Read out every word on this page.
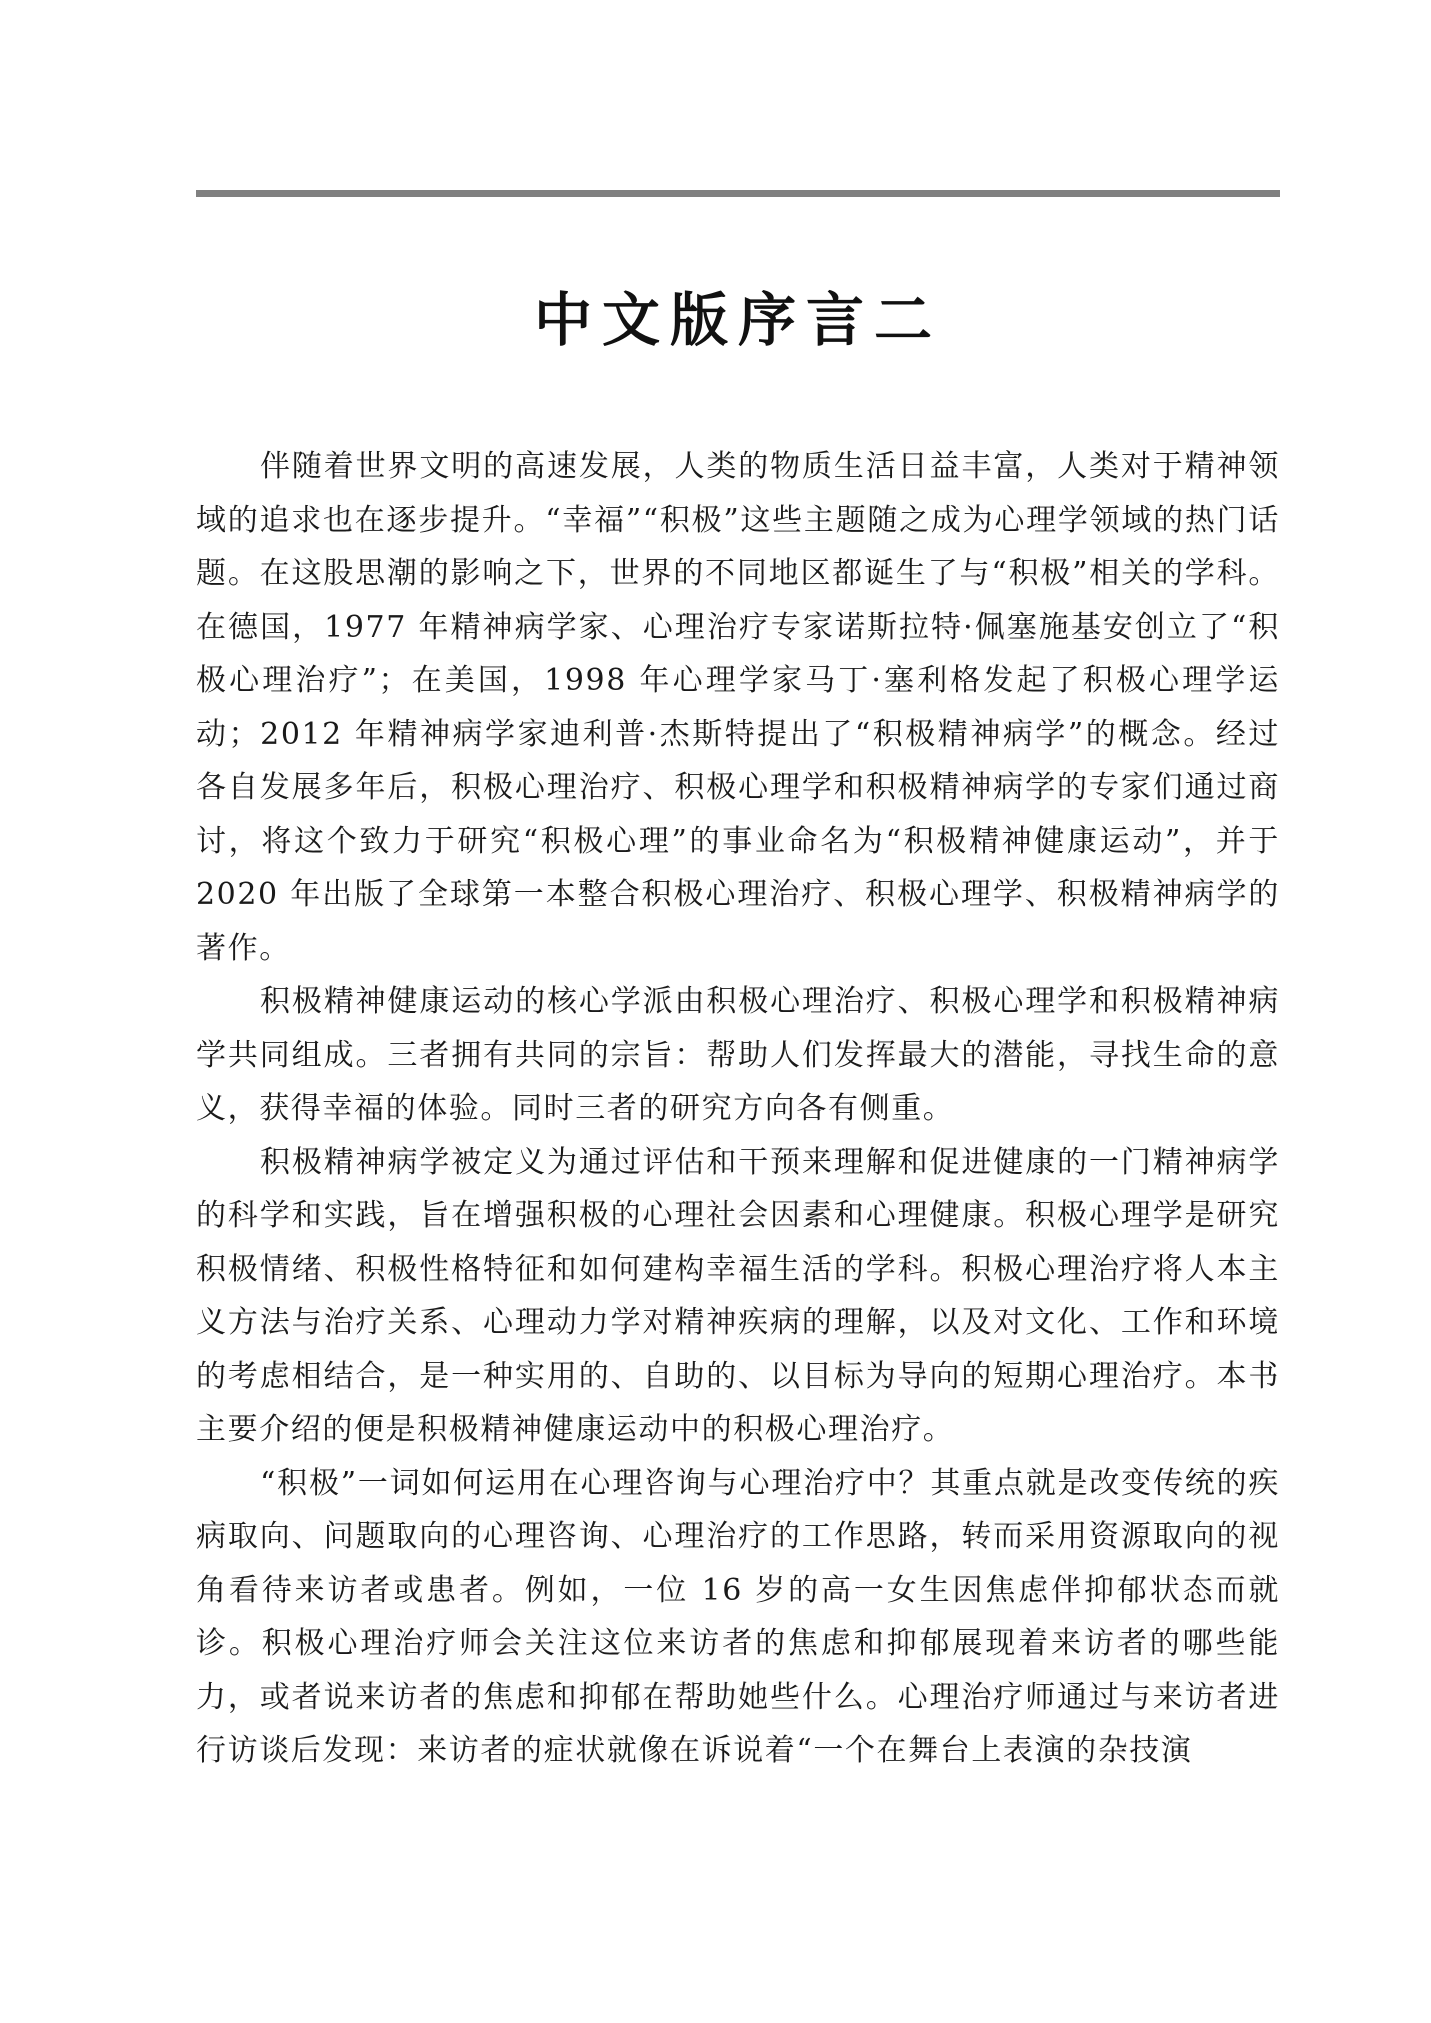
中文版序言二

伴随着世界文明的高速发展，人类的物质生活日益丰富，人类对于精神领域的追求也在逐步提升。“幸福”“积极”这些主题随之成为心理学领域的热门话题。在这股思潮的影响之下，世界的不同地区都诞生了与“积极”相关的学科。在德国，1977 年精神病学家、心理治疗专家诺斯拉特·佩塞施基安创立了“积极心理治疗”；在美国，1998 年心理学家马丁·塞利格发起了积极心理学运动；2012 年精神病学家迪利普·杰斯特提出了“积极精神病学”的概念。经过各自发展多年后，积极心理治疗、积极心理学和积极精神病学的专家们通过商讨，将这个致力于研究“积极心理”的事业命名为“积极精神健康运动”，并于 2020 年出版了全球第一本整合积极心理治疗、积极心理学、积极精神病学的著作。

积极精神健康运动的核心学派由积极心理治疗、积极心理学和积极精神病学共同组成。三者拥有共同的宗旨：帮助人们发挥最大的潜能，寻找生命的意义，获得幸福的体验。同时三者的研究方向各有侧重。

积极精神病学被定义为通过评估和干预来理解和促进健康的一门精神病学的科学和实践，旨在增强积极的心理社会因素和心理健康。积极心理学是研究积极情绪、积极性格特征和如何建构幸福生活的学科。积极心理治疗将人本主义方法与治疗关系、心理动力学对精神疾病的理解，以及对文化、工作和环境的考虑相结合，是一种实用的、自助的、以目标为导向的短期心理治疗。本书主要介绍的便是积极精神健康运动中的积极心理治疗。

“积极”一词如何运用在心理咨询与心理治疗中？其重点就是改变传统的疾病取向、问题取向的心理咨询、心理治疗的工作思路，转而采用资源取向的视角看待来访者或患者。例如，一位 16 岁的高一女生因焦虑伴抑郁状态而就诊。积极心理治疗师会关注这位来访者的焦虑和抑郁展现着来访者的哪些能力，或者说来访者的焦虑和抑郁在帮助她些什么。心理治疗师通过与来访者进行访谈后发现：来访者的症状就像在诉说着“一个在舞台上表演的杂技演
